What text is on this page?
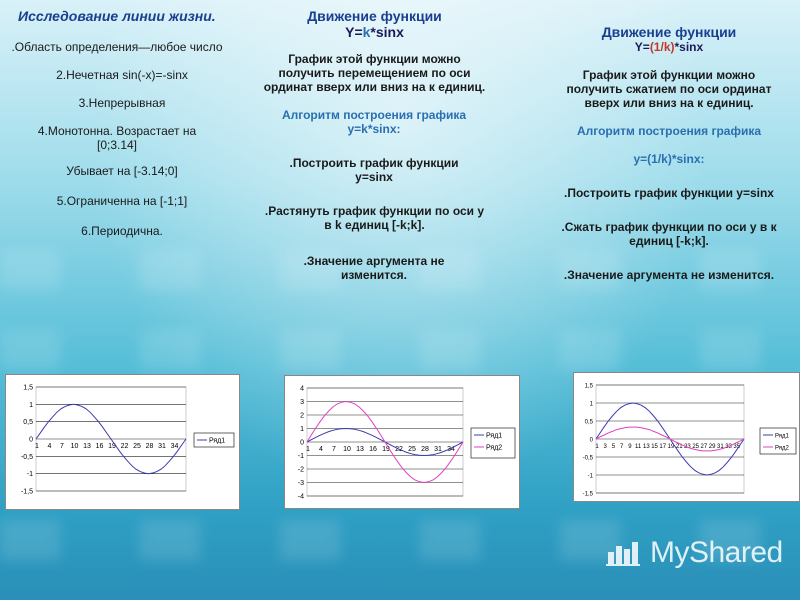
Исследование линии жизни.
.Область определения—любое число
2.Нечетная sin(-x)=-sinx
3.Непрерывная
4.Монотонна. Возрастает на [0;3.14]
Убывает на [-3.14;0]
5.Ограниченна на [-1;1]
6.Периодична.
Движение функции
Y=k*sinx
График этой функции можно получить перемещением по оси ординат вверх или вниз на к единиц.
Алгоритм построения графика y=k*sinx:
.Построить график функции y=sinx
.Растянуть график функции по оси y в k единиц [-k;k].
.Значение аргумента не изменится.
Движение функции
Y=(1/k)*sinx
График этой функции можно получить сжатием по оси ординат вверх или вниз на к единиц.
Алгоритм построения графика
y=(1/k)*sinx:
.Построить график функции y=sinx
.Сжать график функции по оси y в к единиц [-k;k].
.Значение аргумента не изменится.
1,5
1
0,5
0
-0,5
-1
-1,5
1 4 7 10 13 16 19 22 25 28 31 34
Ряд1
4
3
2
1
0
-1
-2
-3
-4
1 4 7 10 13 16 19 22 25 28 31 34
Ряд1
Ряд2
1,5
1
0,5
0
-0,5
-1
-1,5
1 3 5 7 9 11 13 15 17 19 21 23 25 27 29 31 33 35
Ряд1
Ряд2
MyShared
